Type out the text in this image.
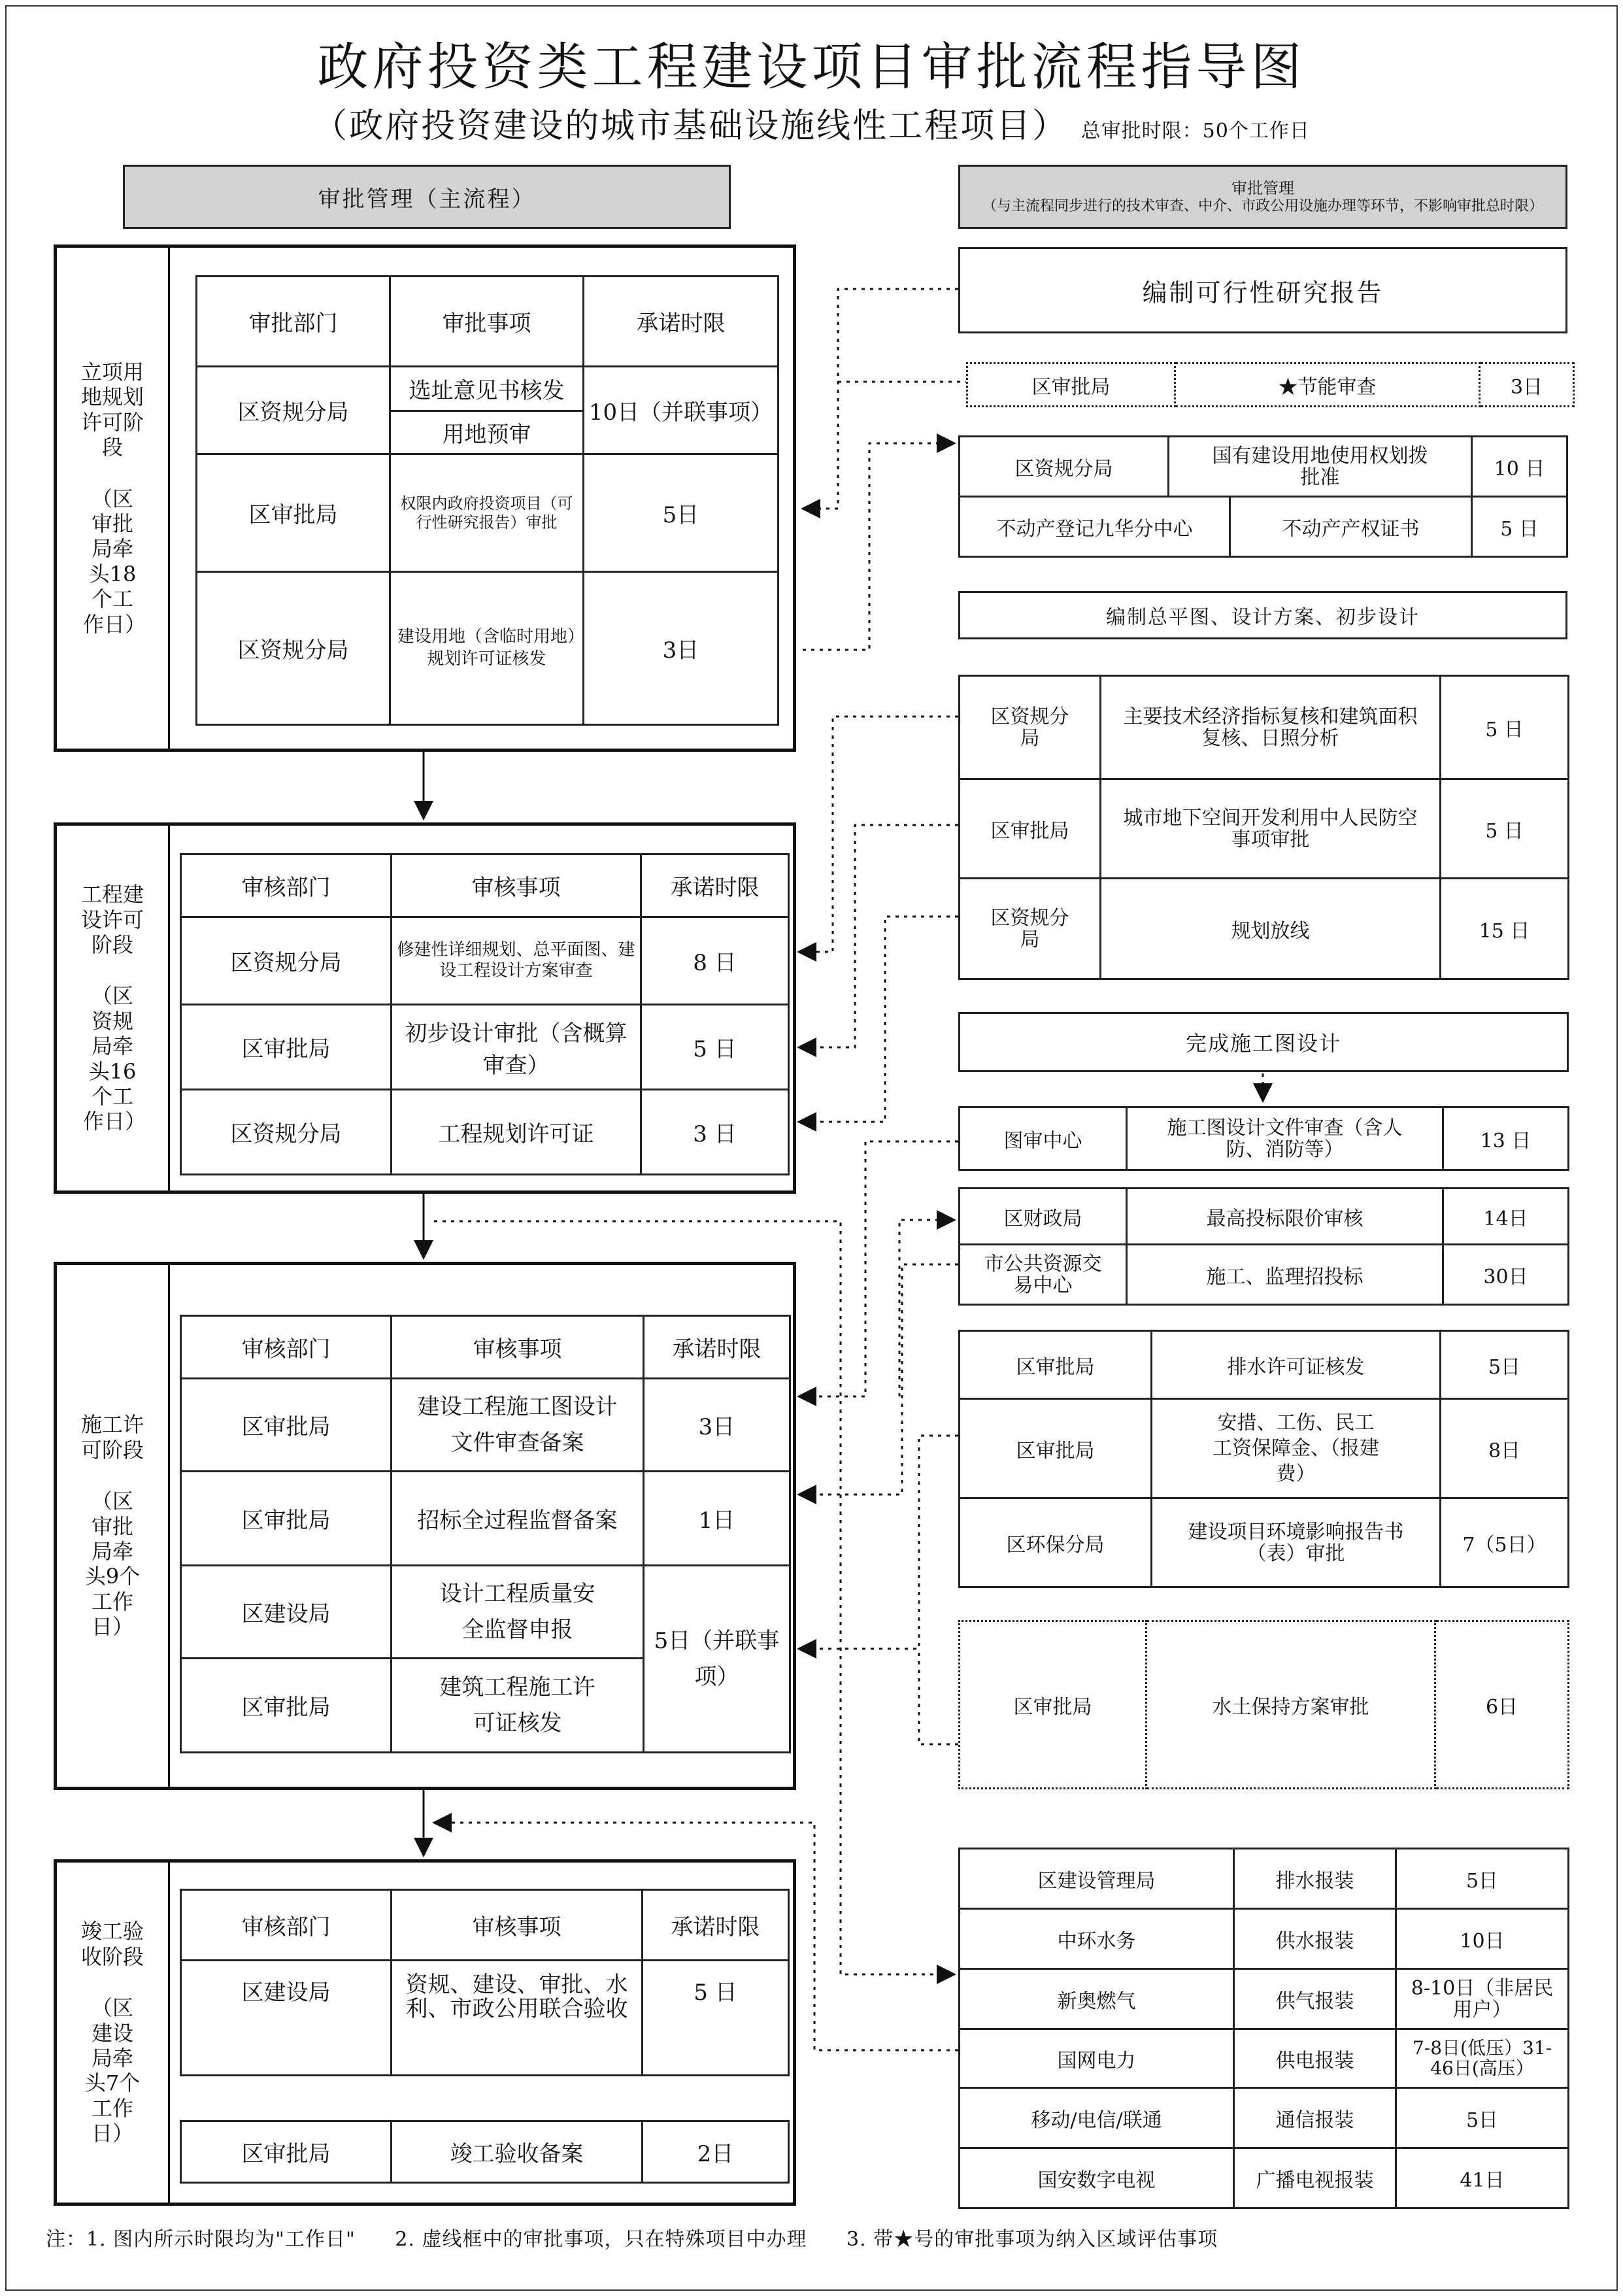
政府投资类工程建设项目审批流程指导图
（政府投资建设的城市基础设施线性工程项目） 总审批时限：50个工作日
审批管理（主流程）	审批管理
（与主流程同步进行的技术审查、中介、市政公用设施办理等环节，不影响审批总时限）
立项用地规划许可阶段
（区审批局牵头18个工作日）
审批部门	审批事项	承诺时限
区资规分局	选址意见书核发	10日（并联事项）
	用地预审	
区审批局	权限内政府投资项目（可行性研究报告）审批	5日
区资规分局	建设用地（含临时用地）规划许可证核发	3日
工程建设许可阶段
（区资规局牵头16个工作日）
审核部门	审核事项	承诺时限
区资规分局	修建性详细规划、总平面图、建设工程设计方案审查	8 日
区审批局	初步设计审批（含概算审查）	5 日
区资规分局	工程规划许可证	3 日
施工许可阶段
（区审批局牵头9个工作日）
审核部门	审核事项	承诺时限
区审批局	建设工程施工图设计文件审查备案	3日
区审批局	招标全过程监督备案	1日
区建设局	设计工程质量安全监督申报	5日（并联事项）
区审批局	建筑工程施工许可证核发	
竣工验收阶段
（区建设局牵头7个工作日）
审核部门	审核事项	承诺时限
区建设局	资规、建设、审批、水利、市政公用联合验收	5 日
区审批局	竣工验收备案	2日
编制可行性研究报告
区审批局	★节能审查	3日
区资规分局	国有建设用地使用权划拨批准		10 日
不动产登记九华分中心		不动产产权证书	5 日
编制总平图、设计方案、初步设计
区资规分局	主要技术经济指标复核和建筑面积复核、日照分析	5 日
区审批局	城市地下空间开发利用中人民防空事项审批	5 日
区资规分局	规划放线	15 日
完成施工图设计
图审中心	施工图设计文件审查（含人防、消防等）	13 日
区财政局	最高投标限价审核	14日
市公共资源交易中心	施工、监理招投标	30日
区审批局	排水许可证核发	5日
区审批局	安措、工伤、民工工资保障金、（报建费）	8日
区环保分局	建设项目环境影响报告书（表）审批	7（5日）
区审批局	水土保持方案审批	6日
区建设管理局	排水报装	5日
中环水务	供水报装	10日
新奥燃气	供气报装	8-10日（非居民用户）
国网电力	供电报装	7-8日(低压）31-46日(高压）
移动/电信/联通	通信报装	5日
国安数字电视	广播电视报装	41日
注：1. 图内所示时限均为"工作日" 2. 虚线框中的审批事项，只在特殊项目中办理 3. 带★号的审批事项为纳入区域评估事项
